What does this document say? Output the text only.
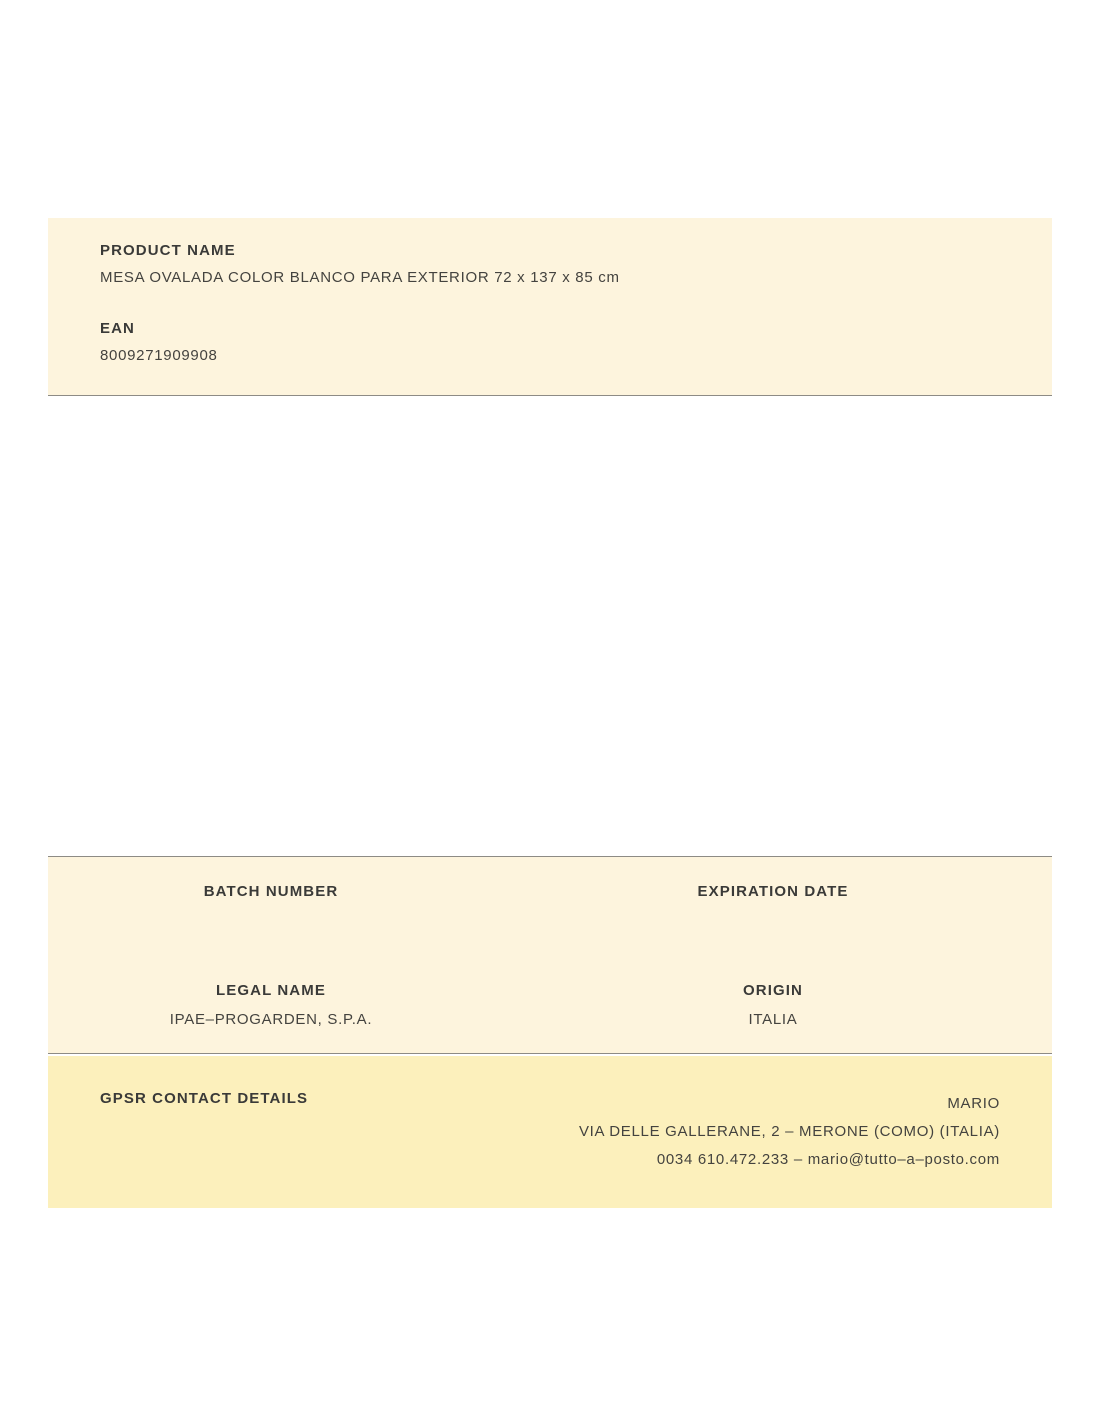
PRODUCT NAME

MESA OVALADA COLOR BLANCO PARA EXTERIOR 72 x 137 x 85 cm

EAN

8009271909908

BATCH NUMBER	EXPIRATION DATE

LEGAL NAME

IPAE–PROGARDEN, S.P.A.

ORIGIN

ITALIA

GPSR CONTACT DETAILS	MARIO
VIA DELLE GALLERANE, 2 – MERONE (COMO) (ITALIA)
0034 610.472.233 – mario@tutto–a–posto.com
